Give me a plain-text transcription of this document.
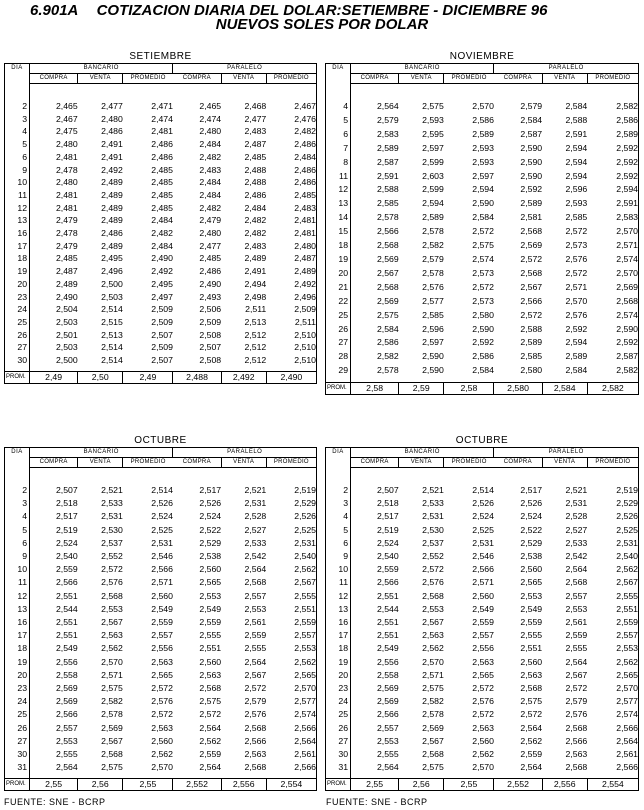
6.901A COTIZACION DIARIA DEL DOLAR:SETIEMBRE - DICIEMBRE 96
NUEVOS SOLES POR DOLAR
SETIEMBRE
DIA	BANCARIO			PARALELO		
	COMPRA	VENTA	PROMEDIO	COMPRA	VENTA	PROMEDIO

2	2,465	2,477	2,471	2,465	2,468	2,467
3	2,467	2,480	2,474	2,474	2,477	2,476
4	2,475	2,486	2,481	2,480	2,483	2,482
5	2,480	2,491	2,486	2,484	2,487	2,486
6	2,481	2,491	2,486	2,482	2,485	2,484
9	2,478	2,492	2,485	2,483	2,488	2,486
10	2,480	2,489	2,485	2,484	2,488	2,486
11	2,481	2,489	2,485	2,484	2,486	2,485
12	2,481	2,489	2,485	2,482	2,484	2,483
13	2,479	2,489	2,484	2,479	2,482	2,481
16	2,478	2,486	2,482	2,480	2,482	2,481
17	2,479	2,489	2,484	2,477	2,483	2,480
18	2,485	2,495	2,490	2,485	2,489	2,487
19	2,487	2,496	2,492	2,486	2,491	2,489
20	2,489	2,500	2,495	2,490	2,494	2,492
23	2,490	2,503	2,497	2,493	2,498	2,496
24	2,504	2,514	2,509	2,506	2,511	2,509
25	2,503	2,515	2,509	2,509	2,513	2,511
26	2,501	2,513	2,507	2,508	2,512	2,510
27	2,503	2,514	2,509	2,507	2,512	2,510
30	2,500	2,514	2,507	2,508	2,512	2,510

PROM.	2,49	2,50	2,49	2,488	2,492	2,490
NOVIEMBRE
DIA	BANCARIO			PARALELO		
	COMPRA	VENTA	PROMEDIO	COMPRA	VENTA	PROMEDIO

4	2,564	2,575	2,570	2,579	2,584	2,582
5	2,579	2,593	2,586	2,584	2,588	2,586
6	2,583	2,595	2,589	2,587	2,591	2,589
7	2,589	2,597	2,593	2,590	2,594	2,592
8	2,587	2,599	2,593	2,590	2,594	2,592
11	2,591	2,603	2,597	2,590	2,594	2,592
12	2,588	2,599	2,594	2,592	2,596	2,594
13	2,585	2,594	2,590	2,589	2,593	2,591
14	2,578	2,589	2,584	2,581	2,585	2,583
15	2,566	2,578	2,572	2,568	2,572	2,570
18	2,568	2,582	2,575	2,569	2,573	2,571
19	2,569	2,579	2,574	2,572	2,576	2,574
20	2,567	2,578	2,573	2,568	2,572	2,570
21	2,568	2,576	2,572	2,567	2,571	2,569
22	2,569	2,577	2,573	2,566	2,570	2,568
25	2,575	2,585	2,580	2,572	2,576	2,574
26	2,584	2,596	2,590	2,588	2,592	2,590
27	2,586	2,597	2,592	2,589	2,594	2,592
28	2,582	2,590	2,586	2,585	2,589	2,587
29	2,578	2,590	2,584	2,580	2,584	2,582

PROM.	2,58	2,59	2,58	2,580	2,584	2,582
OCTUBRE
DIA	BANCARIO			PARALELO		
	COMPRA	VENTA	PROMEDIO	COMPRA	VENTA	PROMEDIO

2	2,507	2,521	2,514	2,517	2,521	2,519
3	2,518	2,533	2,526	2,526	2,531	2,529
4	2,517	2,531	2,524	2,524	2,528	2,526
5	2,519	2,530	2,525	2,522	2,527	2,525
6	2,524	2,537	2,531	2,529	2,533	2,531
9	2,540	2,552	2,546	2,538	2,542	2,540
10	2,559	2,572	2,566	2,560	2,564	2,562
11	2,566	2,576	2,571	2,565	2,568	2,567
12	2,551	2,568	2,560	2,553	2,557	2,555
13	2,544	2,553	2,549	2,549	2,553	2,551
16	2,551	2,567	2,559	2,559	2,561	2,559
17	2,551	2,563	2,557	2,555	2,559	2,557
18	2,549	2,562	2,556	2,551	2,555	2,553
19	2,556	2,570	2,563	2,560	2,564	2,562
20	2,558	2,571	2,565	2,563	2,567	2,565
23	2,569	2,575	2,572	2,568	2,572	2,570
24	2,569	2,582	2,576	2,575	2,579	2,577
25	2,566	2,578	2,572	2,572	2,576	2,574
26	2,557	2,569	2,563	2,564	2,568	2,566
27	2,553	2,567	2,560	2,562	2,566	2,564
30	2,555	2,568	2,562	2,559	2,563	2,561
31	2,564	2,575	2,570	2,564	2,568	2,566

PROM.	2,55	2,56	2,55	2,552	2,556	2,554
OCTUBRE
DIA	BANCARIO			PARALELO		
	COMPRA	VENTA	PROMEDIO	COMPRA	VENTA	PROMEDIO

2	2,507	2,521	2,514	2,517	2,521	2,519
3	2,518	2,533	2,526	2,526	2,531	2,529
4	2,517	2,531	2,524	2,524	2,528	2,526
5	2,519	2,530	2,525	2,522	2,527	2,525
6	2,524	2,537	2,531	2,529	2,533	2,531
9	2,540	2,552	2,546	2,538	2,542	2,540
10	2,559	2,572	2,566	2,560	2,564	2,562
11	2,566	2,576	2,571	2,565	2,568	2,567
12	2,551	2,568	2,560	2,553	2,557	2,555
13	2,544	2,553	2,549	2,549	2,553	2,551
16	2,551	2,567	2,559	2,559	2,561	2,559
17	2,551	2,563	2,557	2,555	2,559	2,557
18	2,549	2,562	2,556	2,551	2,555	2,553
19	2,556	2,570	2,563	2,560	2,564	2,562
20	2,558	2,571	2,565	2,563	2,567	2,565
23	2,569	2,575	2,572	2,568	2,572	2,570
24	2,569	2,582	2,576	2,575	2,579	2,577
25	2,566	2,578	2,572	2,572	2,576	2,574
26	2,557	2,569	2,563	2,564	2,568	2,566
27	2,553	2,567	2,560	2,562	2,566	2,564
30	2,555	2,568	2,562	2,559	2,563	2,561
31	2,564	2,575	2,570	2,564	2,568	2,566

PROM.	2,55	2,56	2,55	2,552	2,556	2,554
FUENTE: SNE - BCRP	FUENTE: SNE - BCRP
